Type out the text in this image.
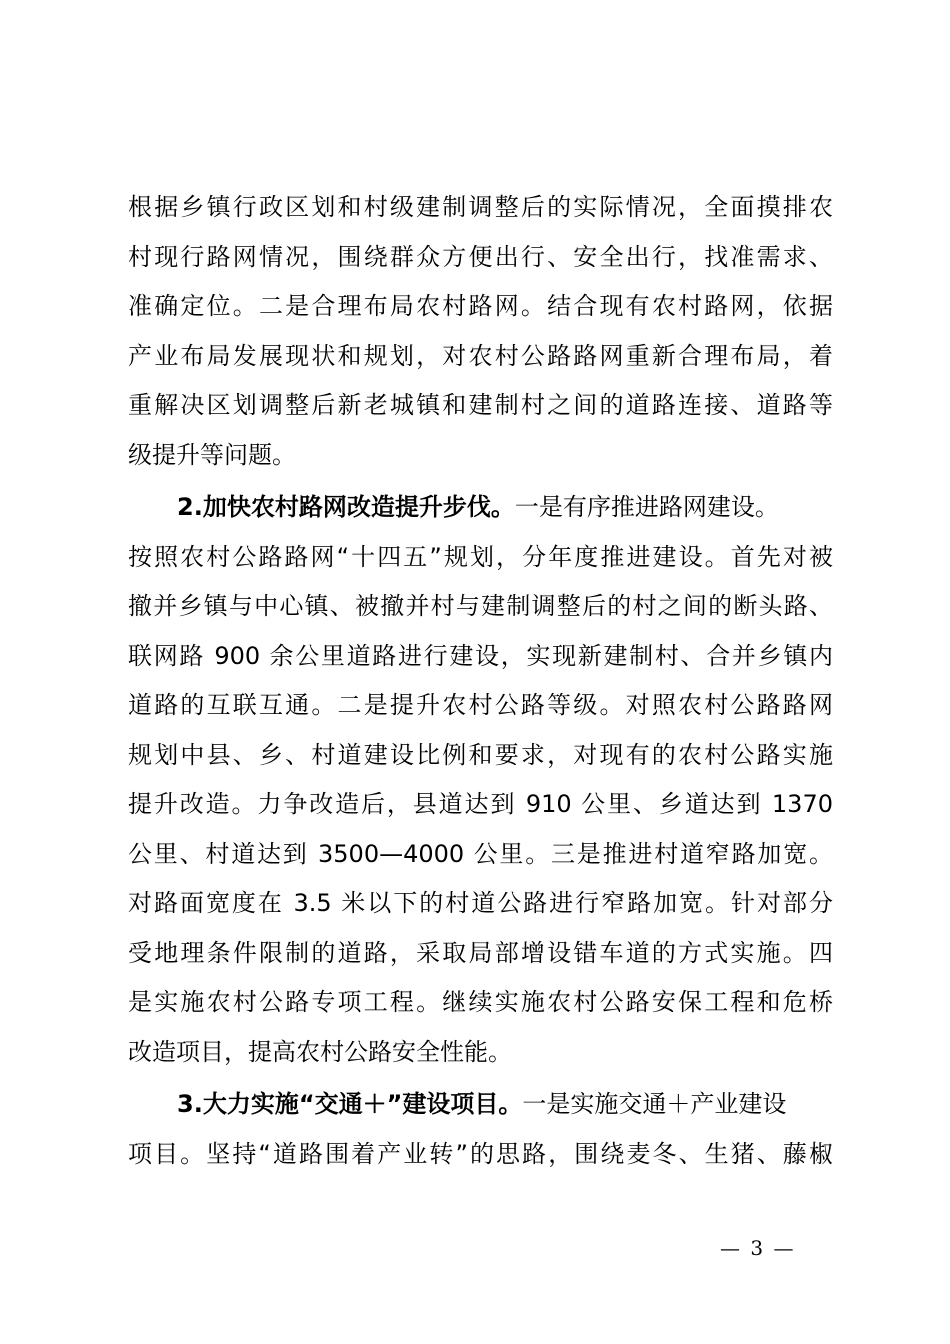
根据乡镇行政区划和村级建制调整后的实际情况，全面摸排农
村现行路网情况，围绕群众方便出行、安全出行，找准需求、
准确定位。二是合理布局农村路网。结合现有农村路网，依据
产业布局发展现状和规划，对农村公路路网重新合理布局，着
重解决区划调整后新老城镇和建制村之间的道路连接、道路等
级提升等问题。
2.加快农村路网改造提升步伐。一是有序推进路网建设。
按照农村公路路网“十四五”规划，分年度推进建设。首先对被
撤并乡镇与中心镇、被撤并村与建制调整后的村之间的断头路、
联网路 900 余公里道路进行建设，实现新建制村、合并乡镇内
道路的互联互通。二是提升农村公路等级。对照农村公路路网
规划中县、乡、村道建设比例和要求，对现有的农村公路实施
提升改造。力争改造后，县道达到 910 公里、乡道达到 1370
公里、村道达到 3500—4000 公里。三是推进村道窄路加宽。
对路面宽度在 3.5 米以下的村道公路进行窄路加宽。针对部分
受地理条件限制的道路，采取局部增设错车道的方式实施。四
是实施农村公路专项工程。继续实施农村公路安保工程和危桥
改造项目，提高农村公路安全性能。
3.大力实施“交通＋”建设项目。一是实施交通＋产业建设
项目。坚持“道路围着产业转”的思路，围绕麦冬、生猪、藤椒
— 3 —
